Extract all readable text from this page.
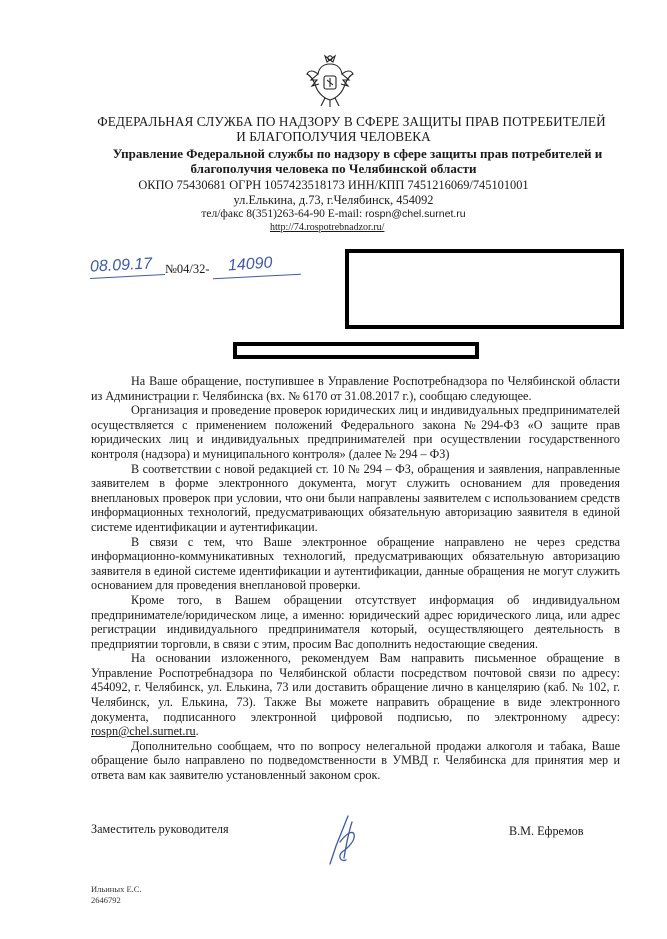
ФЕДЕРАЛЬНАЯ СЛУЖБА ПО НАДЗОРУ В СФЕРЕ ЗАЩИТЫ ПРАВ ПОТРЕБИТЕЛЕЙ
И БЛАГОПОЛУЧИЯ ЧЕЛОВЕКА
Управление Федеральной службы по надзору в сфере защиты прав потребителей и
благополучия человека по Челябинской области
ОКПО 75430681 ОГРН 1057423518173 ИНН/КПП 7451216069/745101001
ул.Елькина, д.73, г.Челябинск, 454092
тел/факс 8(351)263-64-90 E-mail: rospn@chel.surnet.ru
http://74.rospotrebnadzor.ru/
08.09.17 №04/32- 14090

На Ваше обращение, поступившее в Управление Роспотребнадзора по Челябинской области из Администрации г. Челябинска (вх. № 6170 от 31.08.2017 г.), сообщаю следующее.

Организация и проведение проверок юридических лиц и индивидуальных предпринимателей осуществляется с применением положений Федерального закона №294-ФЗ «О защите прав юридических лиц и индивидуальных предпринимателей при осуществлении государственного контроля (надзора) и муниципального контроля» (далее № 294 – ФЗ)

В соответствии с новой редакцией ст. 10 № 294 – ФЗ, обращения и заявления, направленные заявителем в форме электронного документа, могут служить основанием для проведения внеплановых проверок при условии, что они были направлены заявителем с использованием средств информационных технологий, предусматривающих обязательную авторизацию заявителя в единой системе идентификации и аутентификации.

В связи с тем, что Ваше электронное обращение направлено не через средства информационно-коммуникативных технологий, предусматривающих обязательную авторизацию заявителя в единой системе идентификации и аутентификации, данные обращения не могут служить основанием для проведения внеплановой проверки.

Кроме того, в Вашем обращении отсутствует информация об индивидуальном предпринимателе/юридическом лице, а именно: юридический адрес юридического лица, или адрес регистрации индивидуального предпринимателя который, осуществляющего деятельность в предприятии торговли, в связи с этим, просим Вас дополнить недостающие сведения.

На основании изложенного, рекомендуем Вам направить письменное обращение в Управление Роспотребнадзора по Челябинской области посредством почтовой связи по адресу: 454092, г. Челябинск, ул. Елькина, 73 или доставить обращение лично в канцелярию (каб. № 102, г. Челябинск, ул. Елькина, 73). Также Вы можете направить обращение в виде электронного документа, подписанного электронной цифровой подписью, по электронному адресу: rospn@chel.surnet.ru.

Дополнительно сообщаем, что по вопросу нелегальной продажи алкоголя и табака, Ваше обращение было направлено по подведомственности в УМВД г. Челябинска для принятия мер и ответа вам как заявителю установленный законом срок.

Заместитель руководителя	В.М. Ефремов
Ильиных Е.С.
2646792
